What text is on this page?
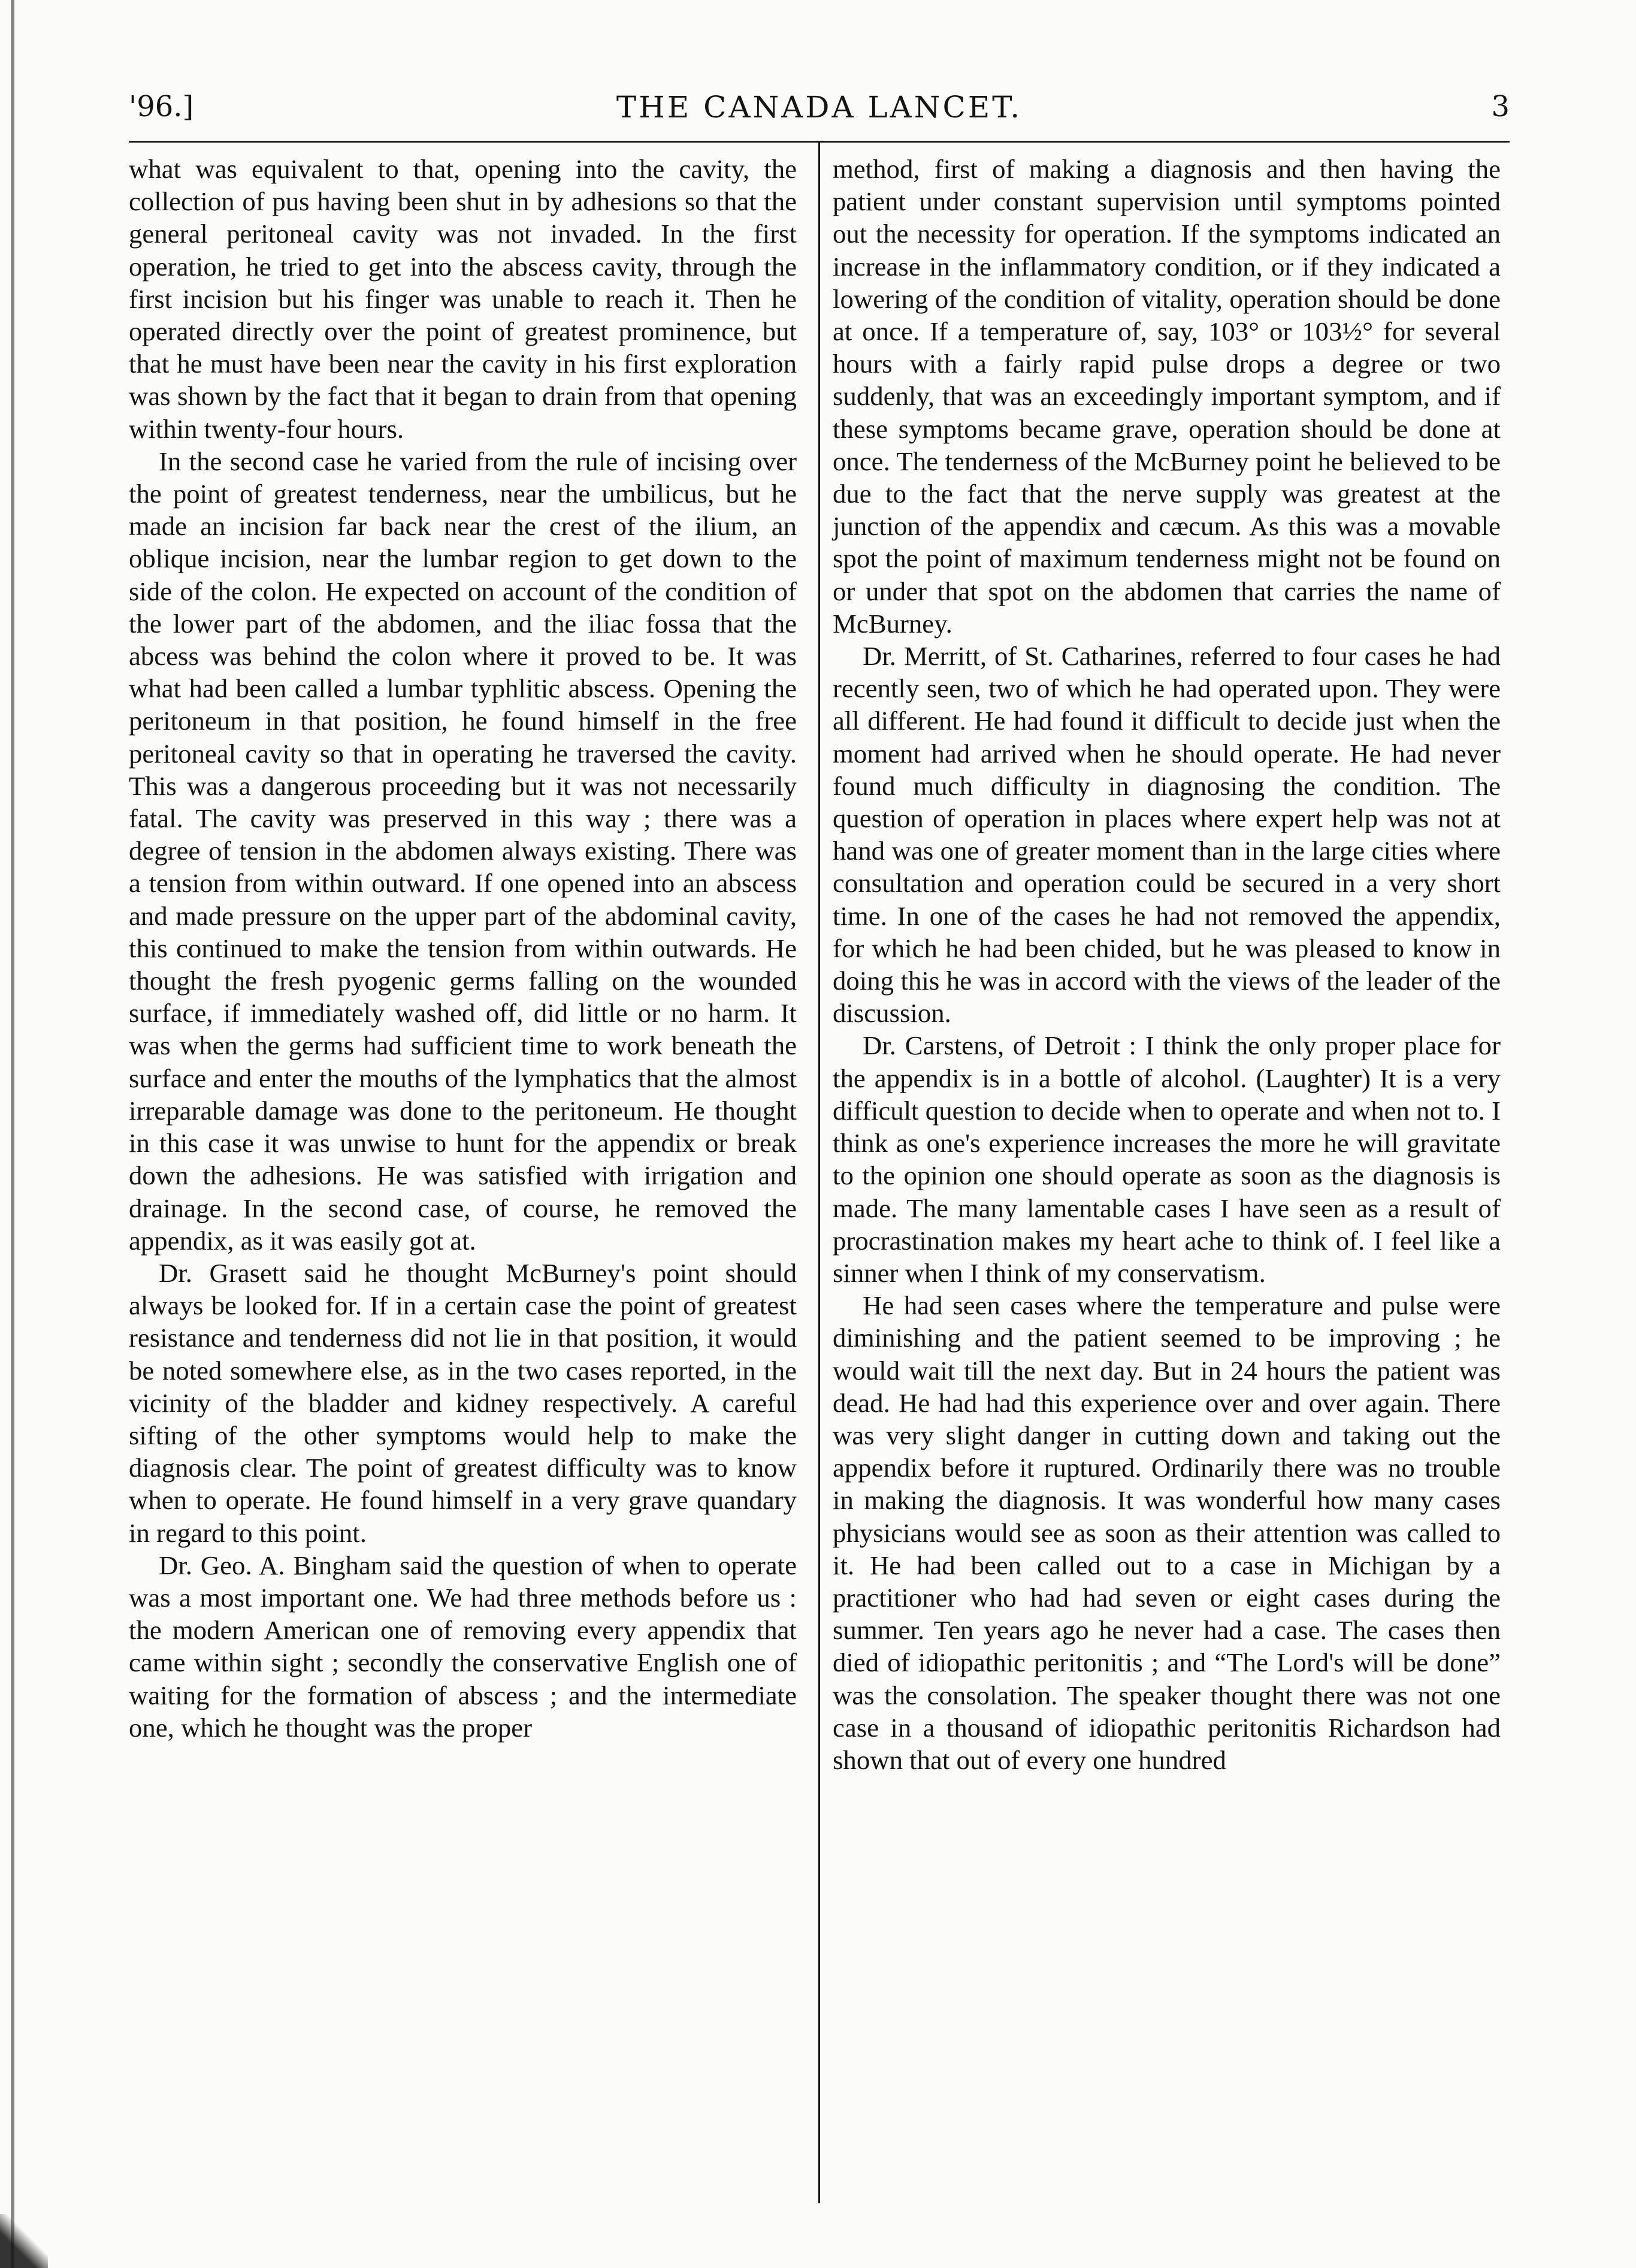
'96.]	THE CANADA LANCET.	3

what was equivalent to that, opening into the cavity, the collection of pus having been shut in by adhesions so that the general peritoneal cavity was not invaded. In the first operation, he tried to get into the abscess cavity, through the first incision but his finger was unable to reach it. Then he operated directly over the point of greatest prominence, but that he must have been near the cavity in his first exploration was shown by the fact that it began to drain from that opening within twenty-four hours.

In the second case he varied from the rule of incising over the point of greatest tenderness, near the umbilicus, but he made an incision far back near the crest of the ilium, an oblique incision, near the lumbar region to get down to the side of the colon. He expected on account of the condition of the lower part of the abdomen, and the iliac fossa that the abcess was behind the colon where it proved to be. It was what had been called a lumbar typhlitic abscess. Opening the peritoneum in that position, he found himself in the free peritoneal cavity so that in operating he traversed the cavity. This was a dangerous proceeding but it was not necessarily fatal. The cavity was preserved in this way ; there was a degree of tension in the abdomen always existing. There was a tension from within outward. If one opened into an abscess and made pressure on the upper part of the abdominal cavity, this continued to make the tension from within outwards. He thought the fresh pyogenic germs falling on the wounded surface, if immediately washed off, did little or no harm. It was when the germs had sufficient time to work beneath the surface and enter the mouths of the lymphatics that the almost irreparable damage was done to the peritoneum. He thought in this case it was unwise to hunt for the appendix or break down the adhesions. He was satisfied with irrigation and drainage. In the second case, of course, he removed the appendix, as it was easily got at.

Dr. Grasett said he thought McBurney's point should always be looked for. If in a certain case the point of greatest resistance and tenderness did not lie in that position, it would be noted somewhere else, as in the two cases reported, in the vicinity of the bladder and kidney respectively. A careful sifting of the other symptoms would help to make the diagnosis clear. The point of greatest difficulty was to know when to operate. He found himself in a very grave quandary in regard to this point.

Dr. Geo. A. Bingham said the question of when to operate was a most important one. We had three methods before us : the modern American one of removing every appendix that came within sight ; secondly the conservative English one of waiting for the formation of abscess ; and the intermediate one, which he thought was the proper

method, first of making a diagnosis and then having the patient under constant supervision until symptoms pointed out the necessity for operation. If the symptoms indicated an increase in the inflammatory condition, or if they indicated a lowering of the condition of vitality, operation should be done at once. If a temperature of, say, 103° or 103½° for several hours with a fairly rapid pulse drops a degree or two suddenly, that was an exceedingly important symptom, and if these symptoms became grave, operation should be done at once. The tenderness of the McBurney point he believed to be due to the fact that the nerve supply was greatest at the junction of the appendix and cæcum. As this was a movable spot the point of maximum tenderness might not be found on or under that spot on the abdomen that carries the name of McBurney.

Dr. Merritt, of St. Catharines, referred to four cases he had recently seen, two of which he had operated upon. They were all different. He had found it difficult to decide just when the moment had arrived when he should operate. He had never found much difficulty in diagnosing the condition. The question of operation in places where expert help was not at hand was one of greater moment than in the large cities where consultation and operation could be secured in a very short time. In one of the cases he had not removed the appendix, for which he had been chided, but he was pleased to know in doing this he was in accord with the views of the leader of the discussion.

Dr. Carstens, of Detroit : I think the only proper place for the appendix is in a bottle of alcohol. (Laughter) It is a very difficult question to decide when to operate and when not to. I think as one's experience increases the more he will gravitate to the opinion one should operate as soon as the diagnosis is made. The many lamentable cases I have seen as a result of procrastination makes my heart ache to think of. I feel like a sinner when I think of my conservatism.

He had seen cases where the temperature and pulse were diminishing and the patient seemed to be improving ; he would wait till the next day. But in 24 hours the patient was dead. He had had this experience over and over again. There was very slight danger in cutting down and taking out the appendix before it ruptured. Ordinarily there was no trouble in making the diagnosis. It was wonderful how many cases physicians would see as soon as their attention was called to it. He had been called out to a case in Michigan by a practitioner who had had seven or eight cases during the summer. Ten years ago he never had a case. The cases then died of idiopathic peritonitis ; and “The Lord's will be done” was the consolation. The speaker thought there was not one case in a thousand of idiopathic peritonitis Richardson had shown that out of every one hundred
